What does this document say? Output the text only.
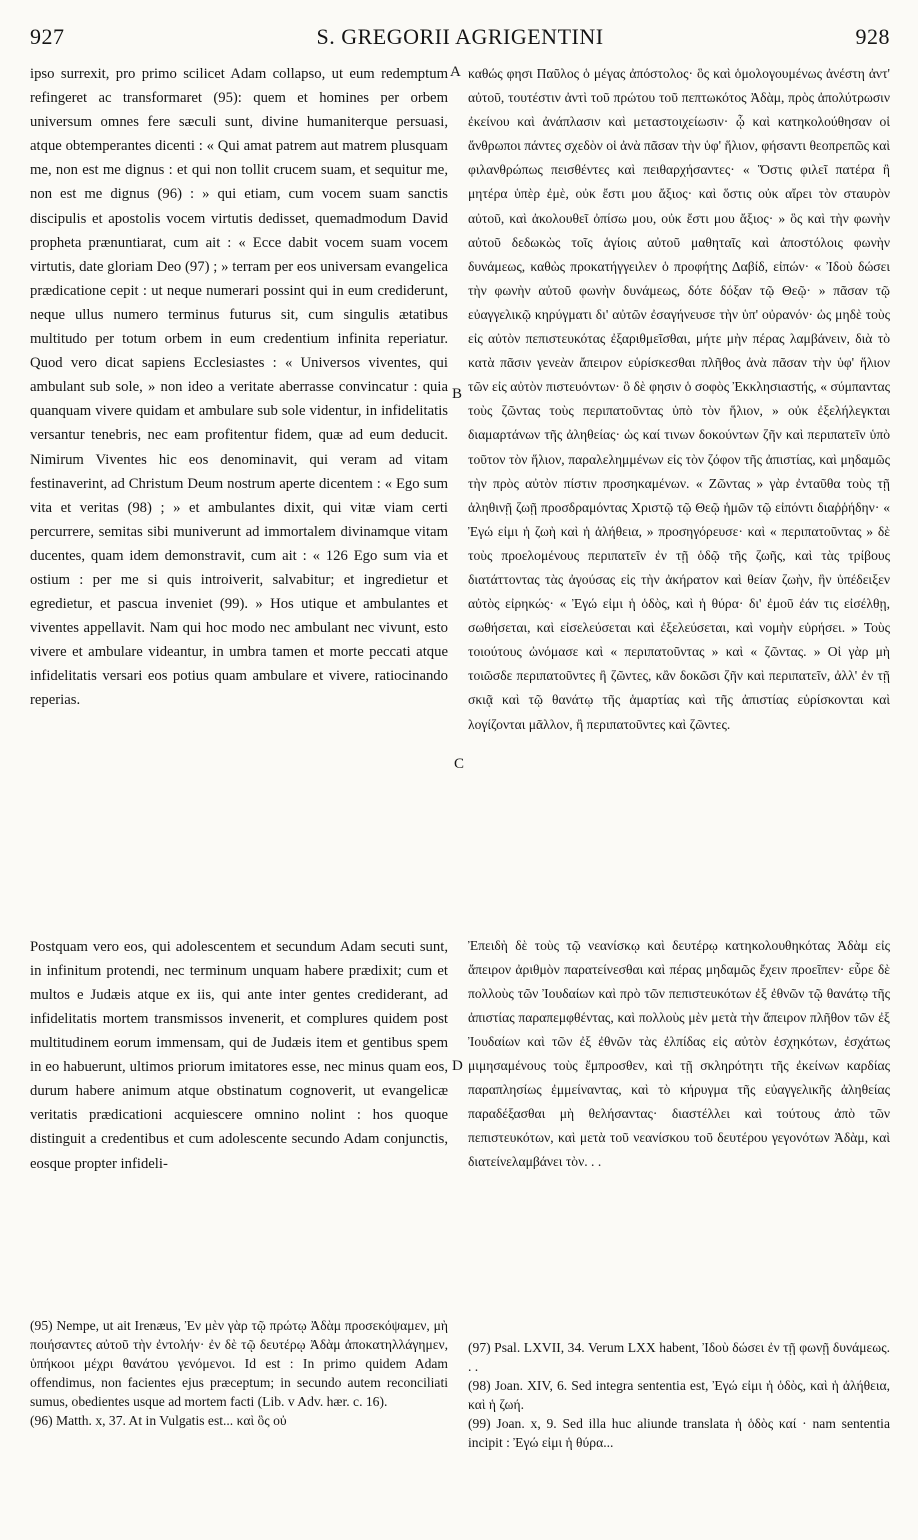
927	S. GREGORII AGRIGENTINI	928
A
B
C
D

ipso surrexit, pro primo scilicet Adam collapso, ut eum redemptum refingeret ac transformaret (95): quem et homines per orbem universum omnes fere sæculi sunt, divine humaniterque persuasi, atque obtemperantes dicenti : « Qui amat patrem aut matrem plusquam me, non est me dignus : et qui non tollit crucem suam, et sequitur me, non est me dignus (96) : » qui etiam, cum vocem suam sanctis discipulis et apostolis vocem virtutis dedisset, quemadmodum David propheta prænuntiarat, cum ait : « Ecce dabit vocem suam vocem virtutis, date gloriam Deo (97) ; » terram per eos universam evangelica prædicatione cepit : ut neque numerari possint qui in eum crediderunt, neque ullus numero terminus futurus sit, cum singulis ætatibus multitudo per totum orbem in eum credentium infinita reperiatur. Quod vero dicat sapiens Ecclesiastes : « Universos viventes, qui ambulant sub sole, » non ideo a veritate aberrasse convincatur : quia quanquam vivere quidam et ambulare sub sole videntur, in infidelitatis versantur tenebris, nec eam profitentur fidem, quæ ad eum deducit. Nimirum Viventes hic eos denominavit, qui veram ad vitam festinaverint, ad Christum Deum nostrum aperte dicentem : « Ego sum vita et veritas (98) ; » et ambulantes dixit, qui vitæ viam certi percurrere, semitas sibi muniverunt ad immortalem divinamque vitam ducentes, quam idem demonstravit, cum ait : « 126 Ego sum via et ostium : per me si quis introiverit, salvabitur; et ingredietur et egredietur, et pascua inveniet (99). » Hos utique et ambulantes et viventes appellavit. Nam qui hoc modo nec ambulant nec vivunt, esto vivere et ambulare videantur, in umbra tamen et morte peccati atque infidelitatis versari eos potius quam ambulare et vivere, ratiocinando reperias.

καθώς φησι Παῦλος ὁ μέγας ἀπόστολος· ὃς καὶ ὁμολογουμένως ἀνέστη ἀντ' αὐτοῦ, τουτέστιν ἀντὶ τοῦ πρώτου τοῦ πεπτωκότος Ἀδὰμ, πρὸς ἀπολύτρωσιν ἐκείνου καὶ ἀνάπλασιν καὶ μεταστοιχείωσιν· ᾧ καὶ κατηκολούθησαν οἱ ἄνθρωποι πάντες σχεδὸν οἱ ἀνὰ πᾶσαν τὴν ὑφ' ἥλιον, φήσαντι θεοπρεπῶς καὶ φιλανθρώπως πεισθέντες καὶ πειθαρχήσαντες· « Ὅστις φιλεῖ πατέρα ἢ μητέρα ὑπὲρ ἐμὲ, οὐκ ἔστι μου ἄξιος· καὶ ὅστις οὐκ αἴρει τὸν σταυρὸν αὐτοῦ, καὶ ἀκολουθεῖ ὀπίσω μου, οὐκ ἔστι μου ἄξιος· » ὃς καὶ τὴν φωνὴν αὐτοῦ δεδωκὼς τοῖς ἁγίοις αὐτοῦ μαθηταῖς καὶ ἀποστόλοις φωνὴν δυνάμεως, καθὼς προκατήγγειλεν ὁ προφήτης Δαβίδ, εἰπών· « Ἰδοὺ δώσει τὴν φωνὴν αὐτοῦ φωνὴν δυνάμεως, δότε δόξαν τῷ Θεῷ· » πᾶσαν τῷ εὐαγγελικῷ κηρύγματι δι' αὐτῶν ἐσαγήνευσε τὴν ὑπ' οὐρανόν· ὡς μηδὲ τοὺς εἰς αὐτὸν πεπιστευκότας ἐξαριθμεῖσθαι, μήτε μὴν πέρας λαμβάνειν, διὰ τὸ κατὰ πᾶσιν γενεὰν ἄπειρον εὑρίσκεσθαι πλῆθος ἀνὰ πᾶσαν τὴν ὑφ' ἥλιον τῶν εἰς αὐτὸν πιστευόντων· ὃ δὲ φησιν ὁ σοφὸς Ἐκκλησιαστής, « σύμπαντας τοὺς ζῶντας τοὺς περιπατοῦντας ὑπὸ τὸν ἥλιον, » οὐκ ἐξελήλεγκται διαμαρτάνων τῆς ἀληθείας· ὡς καί τινων δοκούντων ζῆν καὶ περιπατεῖν ὑπὸ τοῦτον τὸν ἥλιον, παραλελημμένων εἰς τὸν ζόφον τῆς ἀπιστίας, καὶ μηδαμῶς τὴν πρὸς αὐτὸν πίστιν προσηκαμένων. « Ζῶντας » γὰρ ἐνταῦθα τοὺς τῇ ἀληθινῇ ζωῇ προσδραμόντας Χριστῷ τῷ Θεῷ ἡμῶν τῷ εἰπόντι διαῤῥήδην· « Ἐγώ εἰμι ἡ ζωὴ καὶ ἡ ἀλήθεια, » προσηγόρευσε· καὶ « περιπατοῦντας » δὲ τοὺς προελομένους περιπατεῖν ἐν τῇ ὁδῷ τῆς ζωῆς, καὶ τὰς τρίβους διατάττοντας τὰς ἀγούσας εἰς τὴν ἀκήρατον καὶ θείαν ζωὴν, ἣν ὑπέδειξεν αὐτὸς εἰρηκώς· « Ἐγώ εἰμι ἡ ὁδὸς, καὶ ἡ θύρα· δι' ἐμοῦ ἐάν τις εἰσέλθῃ, σωθήσεται, καὶ εἰσελεύσεται καὶ ἐξελεύσεται, καὶ νομὴν εὑρήσει. » Τοὺς τοιούτους ὠνόμασε καὶ « περιπατοῦντας » καὶ « ζῶντας. » Οἱ γὰρ μὴ τοιῶσδε περιπατοῦντες ἢ ζῶντες, κἂν δοκῶσι ζῆν καὶ περιπατεῖν, ἀλλ' ἐν τῇ σκιᾷ καὶ τῷ θανάτῳ τῆς ἁμαρτίας καὶ τῆς ἀπιστίας εὑρίσκονται καὶ λογίζονται μᾶλλον, ἢ περιπατοῦντες καὶ ζῶντες.

Postquam vero eos, qui adolescentem et secundum Adam secuti sunt, in infinitum protendi, nec terminum unquam habere prædixit; cum et multos e Judæis atque ex iis, qui ante inter gentes crediderant, ad infidelitatis mortem transmissos invenerit, et complures quidem post multitudinem eorum immensam, qui de Judæis item et gentibus spem in eo habuerunt, ultimos priorum imitatores esse, nec minus quam eos, durum habere animum atque obstinatum cognoverit, ut evangelicæ veritatis prædicationi acquiescere omnino nolint : hos quoque distinguit a credentibus et cum adolescente secundo Adam conjunctis, eosque propter infideli-

Ἐπειδὴ δὲ τοὺς τῷ νεανίσκῳ καὶ δευτέρῳ κατηκολουθηκότας Ἀδὰμ εἰς ἄπειρον ἀριθμὸν παρατείνεσθαι καὶ πέρας μηδαμῶς ἔχειν προεῖπεν· εὗρε δὲ πολλοὺς τῶν Ἰουδαίων καὶ πρὸ τῶν πεπιστευκότων ἐξ ἐθνῶν τῷ θανάτῳ τῆς ἀπιστίας παραπεμφθέντας, καὶ πολλοὺς μὲν μετὰ τὴν ἄπειρον πλῆθον τῶν ἐξ Ἰουδαίων καὶ τῶν ἐξ ἐθνῶν τὰς ἐλπίδας εἰς αὐτὸν ἐσχηκότων, ἐσχάτως μιμησαμένους τοὺς ἔμπροσθεν, καὶ τῇ σκληρότητι τῆς ἐκείνων καρδίας παραπλησίως ἐμμείναντας, καὶ τὸ κήρυγμα τῆς εὐαγγελικῆς ἀληθείας παραδέξασθαι μὴ θελήσαντας· διαστέλλει καὶ τούτους ἀπὸ τῶν πεπιστευκότων, καὶ μετὰ τοῦ νεανίσκου τοῦ δευτέρου γεγονότων Ἀδὰμ, καὶ διατείνελαμβάνει τὸν. . .

(95) Nempe, ut ait Irenæus, Ἐν μὲν γὰρ τῷ πρώτῳ Ἀδὰμ προσεκόψαμεν, μὴ ποιήσαντες αὐτοῦ τὴν ἐντολήν· ἐν δὲ τῷ δευτέρῳ Ἀδὰμ ἀποκατηλλάγημεν, ὑπήκοοι μέχρι θανάτου γενόμενοι. Id est : In primo quidem Adam offendimus, non facientes ejus præceptum; in secundo autem reconciliati sumus, obedientes usque ad mortem facti (Lib. v Adv. hær. c. 16).
(96) Matth. x, 37. At in Vulgatis est... καὶ ὃς οὐ
(97) Psal. LXVII, 34. Verum LXX habent, Ἰδοὺ δώσει ἐν τῇ φωνῇ δυνάμεως. . .
(98) Joan. XIV, 6. Sed integra sententia est, Ἐγώ εἰμι ἡ ὁδὸς, καὶ ἡ ἀλήθεια, καὶ ἡ ζωή.
(99) Joan. x, 9. Sed illa huc aliunde translata ἡ ὁδὸς καί · nam sententia incipit : Ἐγώ εἰμι ἡ θύρα...
